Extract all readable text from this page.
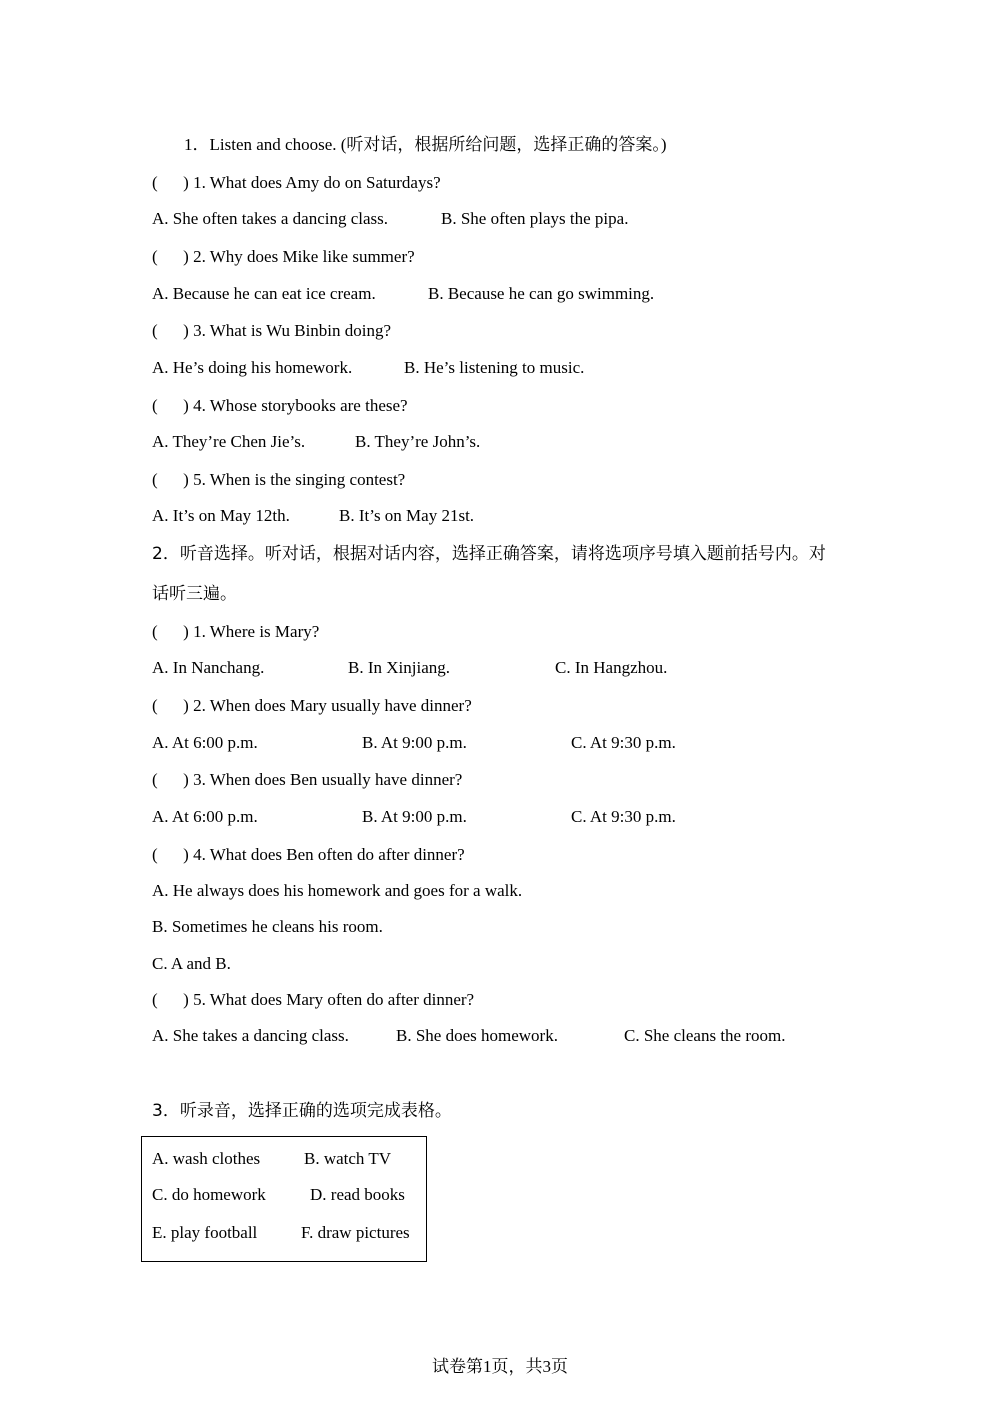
1．Listen and choose. (听对话，根据所给问题，选择正确的答案。)
(      ) 1. What does Amy do on Saturdays?
A. She often takes a dancing class.	B. She often plays the pipa.
(      ) 2. Why does Mike like summer?
A. Because he can eat ice cream.	B. Because he can go swimming.
(      ) 3. What is Wu Binbin doing?
A. He’s doing his homework.	B. He’s listening to music.
(      ) 4. Whose storybooks are these?
A. They’re Chen Jie’s.	B. They’re John’s.
(      ) 5. When is the singing contest?
A. It’s on May 12th.	B. It’s on May 21st.
2．听音选择。听对话，根据对话内容，选择正确答案，请将选项序号填入题前括号内。对
话听三遍。
(      ) 1. Where is Mary?
A. In Nanchang.	B. In Xinjiang.	C. In Hangzhou.
(      ) 2. When does Mary usually have dinner?
A. At 6:00 p.m.	B. At 9:00 p.m.	C. At 9:30 p.m.
(      ) 3. When does Ben usually have dinner?
A. At 6:00 p.m.	B. At 9:00 p.m.	C. At 9:30 p.m.
(      ) 4. What does Ben often do after dinner?
A. He always does his homework and goes for a walk.
B. Sometimes he cleans his room.
C. A and B.
(      ) 5. What does Mary often do after dinner?
A. She takes a dancing class.	B. She does homework.	C. She cleans the room.
3．听录音，选择正确的选项完成表格。
A. wash clothes	B. watch TV
C. do homework	D. read books
E. play football	F. draw pictures
试卷第1页，共3页
